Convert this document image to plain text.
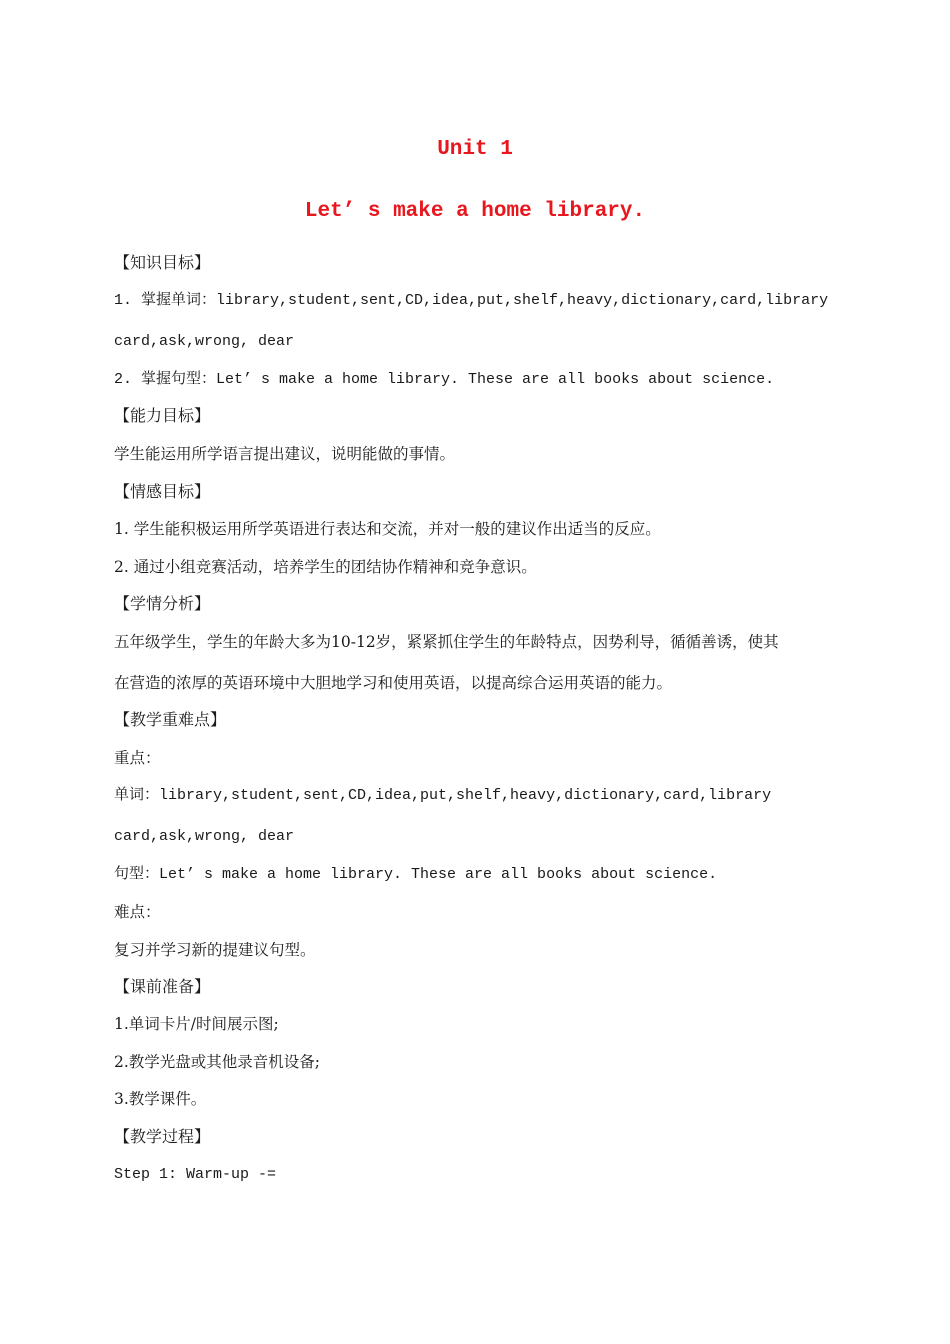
Unit 1
Let’ s make a home library.

【知识目标】

1. 掌握单词：library,student,sent,CD,idea,put,shelf,heavy,dictionary,card,library

card,ask,wrong, dear

2. 掌握句型：Let’ s make a home library. These are all books about science.

【能力目标】

学生能运用所学语言提出建议，说明能做的事情。

【情感目标】

1. 学生能积极运用所学英语进行表达和交流，并对一般的建议作出适当的反应。

2. 通过小组竞赛活动，培养学生的团结协作精神和竞争意识。

【学情分析】

五年级学生，学生的年龄大多为10-12岁，紧紧抓住学生的年龄特点，因势利导，循循善诱，使其

在营造的浓厚的英语环境中大胆地学习和使用英语，以提高综合运用英语的能力。

【教学重难点】

重点：

单词：library,student,sent,CD,idea,put,shelf,heavy,dictionary,card,library

card,ask,wrong, dear

句型：Let’ s make a home library. These are all books about science.

难点：

复习并学习新的提建议句型。

【课前准备】

1.单词卡片/时间展示图;

2.教学光盘或其他录音机设备;

3.教学课件。

【教学过程】

Step 1: Warm-up -=
